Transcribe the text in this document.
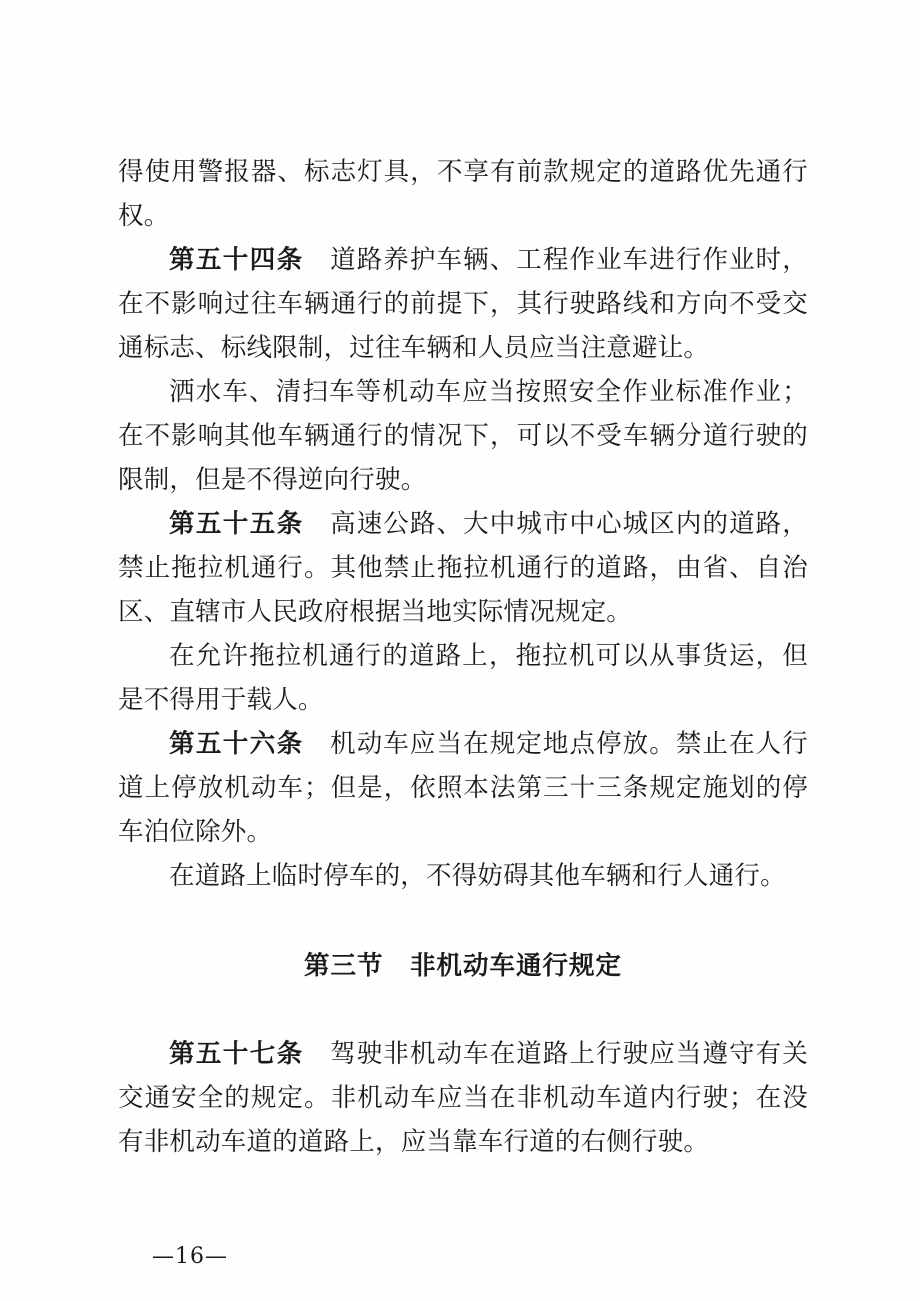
得使用警报器、标志灯具，不享有前款规定的道路优先通行权。

第五十四条　道路养护车辆、工程作业车进行作业时，在不影响过往车辆通行的前提下，其行驶路线和方向不受交通标志、标线限制，过往车辆和人员应当注意避让。

洒水车、清扫车等机动车应当按照安全作业标准作业；在不影响其他车辆通行的情况下，可以不受车辆分道行驶的限制，但是不得逆向行驶。

第五十五条　高速公路、大中城市中心城区内的道路，禁止拖拉机通行。其他禁止拖拉机通行的道路，由省、自治区、直辖市人民政府根据当地实际情况规定。

在允许拖拉机通行的道路上，拖拉机可以从事货运，但是不得用于载人。

第五十六条　机动车应当在规定地点停放。禁止在人行道上停放机动车；但是，依照本法第三十三条规定施划的停车泊位除外。

在道路上临时停车的，不得妨碍其他车辆和行人通行。

第三节　非机动车通行规定

第五十七条　驾驶非机动车在道路上行驶应当遵守有关交通安全的规定。非机动车应当在非机动车道内行驶；在没有非机动车道的道路上，应当靠车行道的右侧行驶。

—16—
